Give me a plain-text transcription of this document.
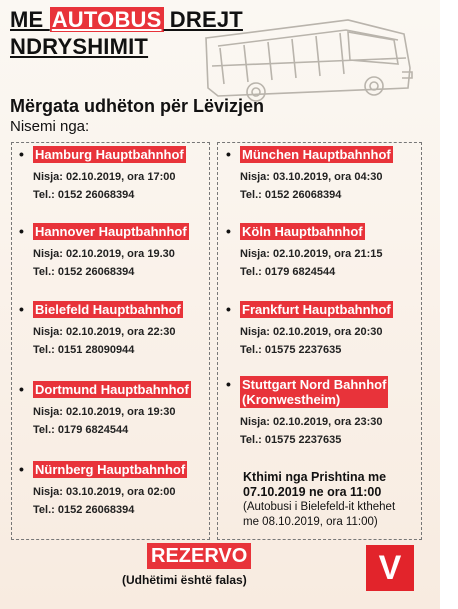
ME AUTOBUS DREJT
NDRYSHIMIT
Mërgata udhëton për Lëvizjen
Nisemi nga:
• Hamburg Hauptbahnhof
Nisja: 02.10.2019, ora 17:00
Tel.: 0152 26068394
• Hannover Hauptbahnhof
Nisja: 02.10.2019, ora 19.30
Tel.: 0152 26068394
• Bielefeld Hauptbahnhof
Nisja: 02.10.2019, ora 22:30
Tel.: 0151 28090944
• Dortmund Hauptbahnhof
Nisja: 02.10.2019, ora 19:30
Tel.: 0179 6824544
• Nürnberg Hauptbahnhof
Nisja: 03.10.2019, ora 02:00
Tel.: 0152 26068394
• München Hauptbahnhof
Nisja: 03.10.2019, ora 04:30
Tel.: 0152 26068394
• Köln Hauptbahnhof
Nisja: 02.10.2019, ora 21:15
Tel.: 0179 6824544
• Frankfurt Hauptbahnhof
Nisja: 02.10.2019, ora 20:30
Tel.: 01575 2237635
• Stuttgart Nord Bahnhof
(Kronwestheim)
Nisja: 02.10.2019, ora 23:30
Tel.: 01575 2237635
Kthimi nga Prishtina me
07.10.2019 ne ora 11:00
(Autobusi i Bielefeld-it kthehet
me 08.10.2019, ora 11:00)
REZERVO
(Udhëtimi është falas)	V
